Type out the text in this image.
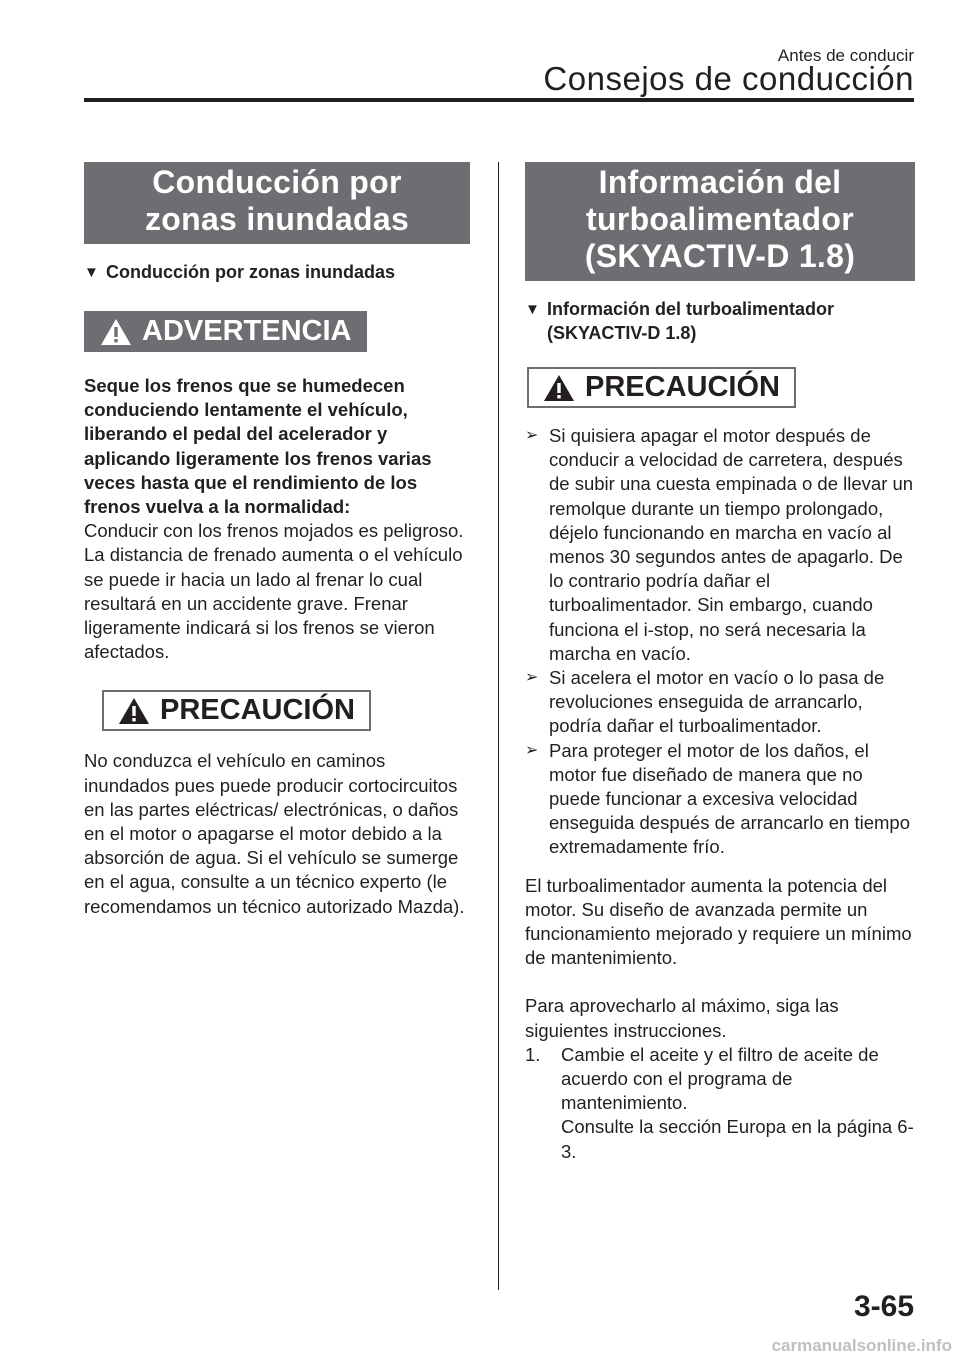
Antes de conducir
Consejos de conducción
Conducción por zonas inundadas
▼ Conducción por zonas inundadas
ADVERTENCIA

Seque los frenos que se humedecen conduciendo lentamente el vehículo, liberando el pedal del acelerador y aplicando ligeramente los frenos varias veces hasta que el rendimiento de los frenos vuelva a la normalidad:

Conducir con los frenos mojados es peligroso. La distancia de frenado aumenta o el vehículo se puede ir hacia un lado al frenar lo cual resultará en un accidente grave. Frenar ligeramente indicará si los frenos se vieron afectados.

PRECAUCIÓN

No conduzca el vehículo en caminos inundados pues puede producir cortocircuitos en las partes eléctricas/ electrónicas, o daños en el motor o apagarse el motor debido a la absorción de agua. Si el vehículo se sumerge en el agua, consulte a un técnico experto (le recomendamos un técnico autorizado Mazda).

Información del
turboalimentador
(SKYACTIV-D 1.8)
▼ Información del turboalimentador
(SKYACTIV-D 1.8)
PRECAUCIÓN
➢ Si quisiera apagar el motor después de conducir a velocidad de carretera, después de subir una cuesta empinada o de llevar un remolque durante un tiempo prolongado, déjelo funcionando en marcha en vacío al menos 30 segundos antes de apagarlo. De lo contrario podría dañar el turboalimentador. Sin embargo, cuando funciona el i-stop, no será necesaria la marcha en vacío.
➢ Si acelera el motor en vacío o lo pasa de revoluciones enseguida de arrancarlo, podría dañar el turboalimentador.
➢ Para proteger el motor de los daños, el motor fue diseñado de manera que no puede funcionar a excesiva velocidad enseguida después de arrancarlo en tiempo extremadamente frío.

El turboalimentador aumenta la potencia del motor. Su diseño de avanzada permite un funcionamiento mejorado y requiere un mínimo de mantenimiento.

Para aprovecharlo al máximo, siga las siguientes instrucciones.

1.	Cambie el aceite y el filtro de aceite de acuerdo con el programa de mantenimiento.
Consulte la sección Europa en la página 6-3.
3-65
carmanualsonline.info
